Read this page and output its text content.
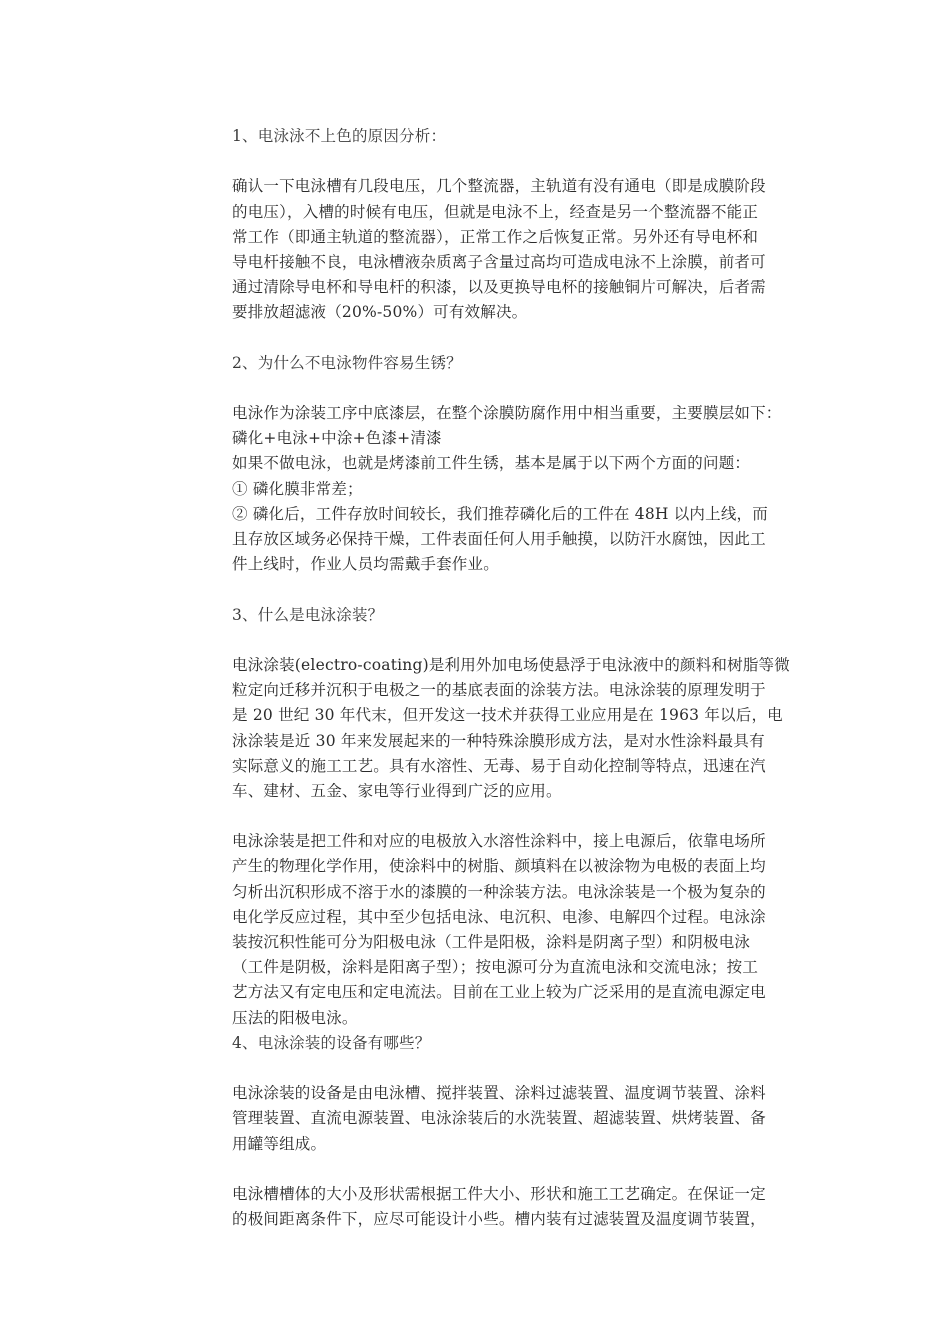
1、电泳泳不上色的原因分析：
确认一下电泳槽有几段电压，几个整流器，主轨道有没有通电（即是成膜阶段
的电压），入槽的时候有电压，但就是电泳不上，经查是另一个整流器不能正
常工作（即通主轨道的整流器），正常工作之后恢复正常。另外还有导电杯和
导电杆接触不良，电泳槽液杂质离子含量过高均可造成电泳不上涂膜，前者可
通过清除导电杯和导电杆的积漆，以及更换导电杯的接触铜片可解决，后者需
要排放超滤液（20%-50%）可有效解决。
2、为什么不电泳物件容易生锈？
电泳作为涂装工序中底漆层，在整个涂膜防腐作用中相当重要，主要膜层如下：
磷化+电泳+中涂+色漆+清漆
如果不做电泳，也就是烤漆前工件生锈，基本是属于以下两个方面的问题：
① 磷化膜非常差；
② 磷化后，工件存放时间较长，我们推荐磷化后的工件在 48H 以内上线，而
且存放区域务必保持干燥，工件表面任何人用手触摸，以防汗水腐蚀，因此工
件上线时，作业人员均需戴手套作业。
3、什么是电泳涂装？
电泳涂装(electro-coating)是利用外加电场使悬浮于电泳液中的颜料和树脂等微
粒定向迁移并沉积于电极之一的基底表面的涂装方法。电泳涂装的原理发明于
是 20 世纪 30 年代末，但开发这一技术并获得工业应用是在 1963 年以后，电
泳涂装是近 30 年来发展起来的一种特殊涂膜形成方法，是对水性涂料最具有
实际意义的施工工艺。具有水溶性、无毒、易于自动化控制等特点，迅速在汽
车、建材、五金、家电等行业得到广泛的应用。
电泳涂装是把工件和对应的电极放入水溶性涂料中，接上电源后，依靠电场所
产生的物理化学作用，使涂料中的树脂、颜填料在以被涂物为电极的表面上均
匀析出沉积形成不溶于水的漆膜的一种涂装方法。电泳涂装是一个极为复杂的
电化学反应过程，其中至少包括电泳、电沉积、电渗、电解四个过程。电泳涂
装按沉积性能可分为阳极电泳（工件是阳极，涂料是阴离子型）和阴极电泳
（工件是阴极，涂料是阳离子型）；按电源可分为直流电泳和交流电泳；按工
艺方法又有定电压和定电流法。目前在工业上较为广泛采用的是直流电源定电
压法的阳极电泳。
4、电泳涂装的设备有哪些？
电泳涂装的设备是由电泳槽、搅拌装置、涂料过滤装置、温度调节装置、涂料
管理装置、直流电源装置、电泳涂装后的水洗装置、超滤装置、烘烤装置、备
用罐等组成。
电泳槽槽体的大小及形状需根据工件大小、形状和施工工艺确定。在保证一定
的极间距离条件下，应尽可能设计小些。槽内装有过滤装置及温度调节装置，
